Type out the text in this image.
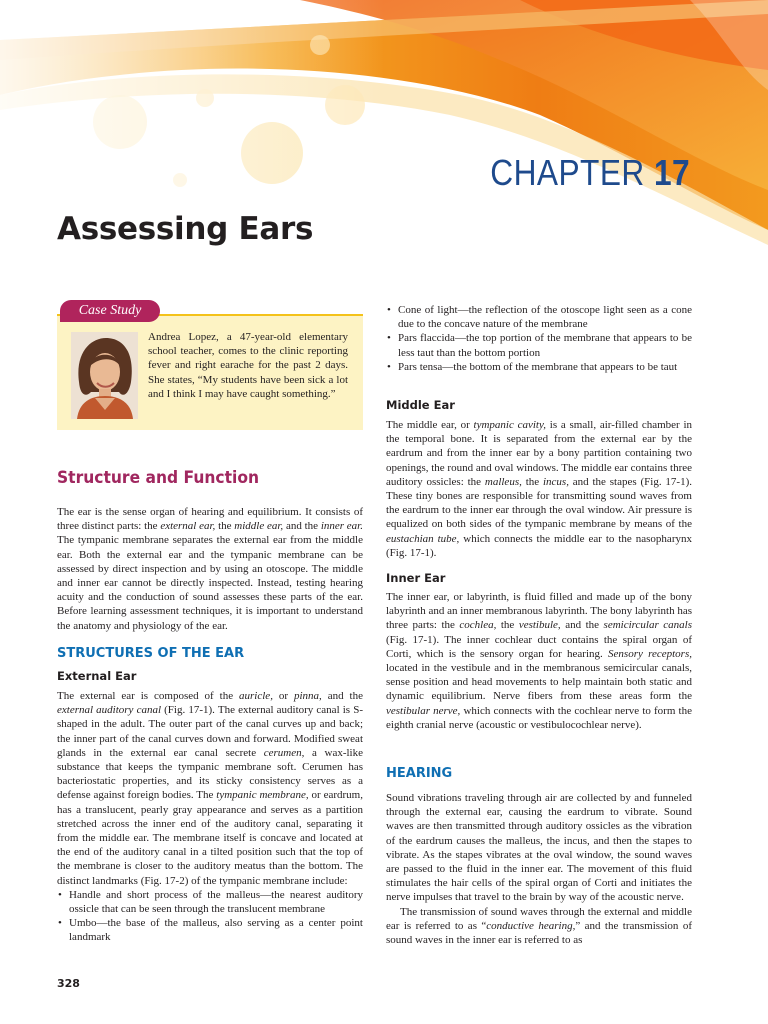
CHAPTER 17
Assessing Ears
Case Study
Andrea Lopez, a 47-year-old elementary school teacher, comes to the clinic reporting fever and right earache for the past 2 days. She states, “My students have been sick a lot and I think I may have caught something.”
Structure and Function

The ear is the sense organ of hearing and equilibrium. It consists of three distinct parts: the external ear, the middle ear, and the inner ear. The tympanic membrane separates the external ear from the middle ear. Both the external ear and the tympanic membrane can be assessed by direct inspection and by using an otoscope. The middle and inner ear cannot be directly inspected. Instead, testing hearing acuity and the conduction of sound assesses these parts of the ear. Before learning assessment techniques, it is important to understand the anatomy and physiology of the ear.

STRUCTURES OF THE EAR
External Ear

The external ear is composed of the auricle, or pinna, and the external auditory canal (Fig. 17-1). The external auditory canal is S-shaped in the adult. The outer part of the canal curves up and back; the inner part of the canal curves down and forward. Modified sweat glands in the external ear canal secrete cerumen, a wax-like substance that keeps the tympanic membrane soft. Cerumen has bacteriostatic properties, and its sticky consistency serves as a defense against foreign bodies. The tympanic membrane, or eardrum, has a translucent, pearly gray appearance and serves as a partition stretched across the inner end of the auditory canal, separating it from the middle ear. The membrane itself is concave and located at the end of the auditory canal in a tilted position such that the top of the membrane is closer to the auditory meatus than the bottom. The distinct landmarks (Fig. 17-2) of the tympanic membrane include:

• Handle and short process of the malleus—the nearest auditory ossicle that can be seen through the translucent membrane
• Umbo—the base of the malleus, also serving as a center point landmark
• Cone of light—the reflection of the otoscope light seen as a cone due to the concave nature of the membrane
• Pars flaccida—the top portion of the membrane that appears to be less taut than the bottom portion
• Pars tensa—the bottom of the membrane that appears to be taut
Middle Ear

The middle ear, or tympanic cavity, is a small, air-filled chamber in the temporal bone. It is separated from the external ear by the eardrum and from the inner ear by a bony partition containing two openings, the round and oval windows. The middle ear contains three auditory ossicles: the malleus, the incus, and the stapes (Fig. 17-1). These tiny bones are responsible for transmitting sound waves from the eardrum to the inner ear through the oval window. Air pressure is equalized on both sides of the tympanic membrane by means of the eustachian tube, which connects the middle ear to the nasopharynx (Fig. 17-1).

Inner Ear

The inner ear, or labyrinth, is fluid filled and made up of the bony labyrinth and an inner membranous labyrinth. The bony labyrinth has three parts: the cochlea, the vestibule, and the semicircular canals (Fig. 17-1). The inner cochlear duct contains the spiral organ of Corti, which is the sensory organ for hearing. Sensory receptors, located in the vestibule and in the membranous semicircular canals, sense position and head movements to help maintain both static and dynamic equilibrium. Nerve fibers from these areas form the vestibular nerve, which connects with the cochlear nerve to form the eighth cranial nerve (acoustic or vestibulocochlear nerve).

HEARING

Sound vibrations traveling through air are collected by and funneled through the external ear, causing the eardrum to vibrate. Sound waves are then transmitted through auditory ossicles as the vibration of the eardrum causes the malleus, the incus, and then the stapes to vibrate. As the stapes vibrates at the oval window, the sound waves are passed to the fluid in the inner ear. The movement of this fluid stimulates the hair cells of the spiral organ of Corti and initiates the nerve impulses that travel to the brain by way of the acoustic nerve.

The transmission of sound waves through the external and middle ear is referred to as “conductive hearing,” and the transmission of sound waves in the inner ear is referred to as

328
